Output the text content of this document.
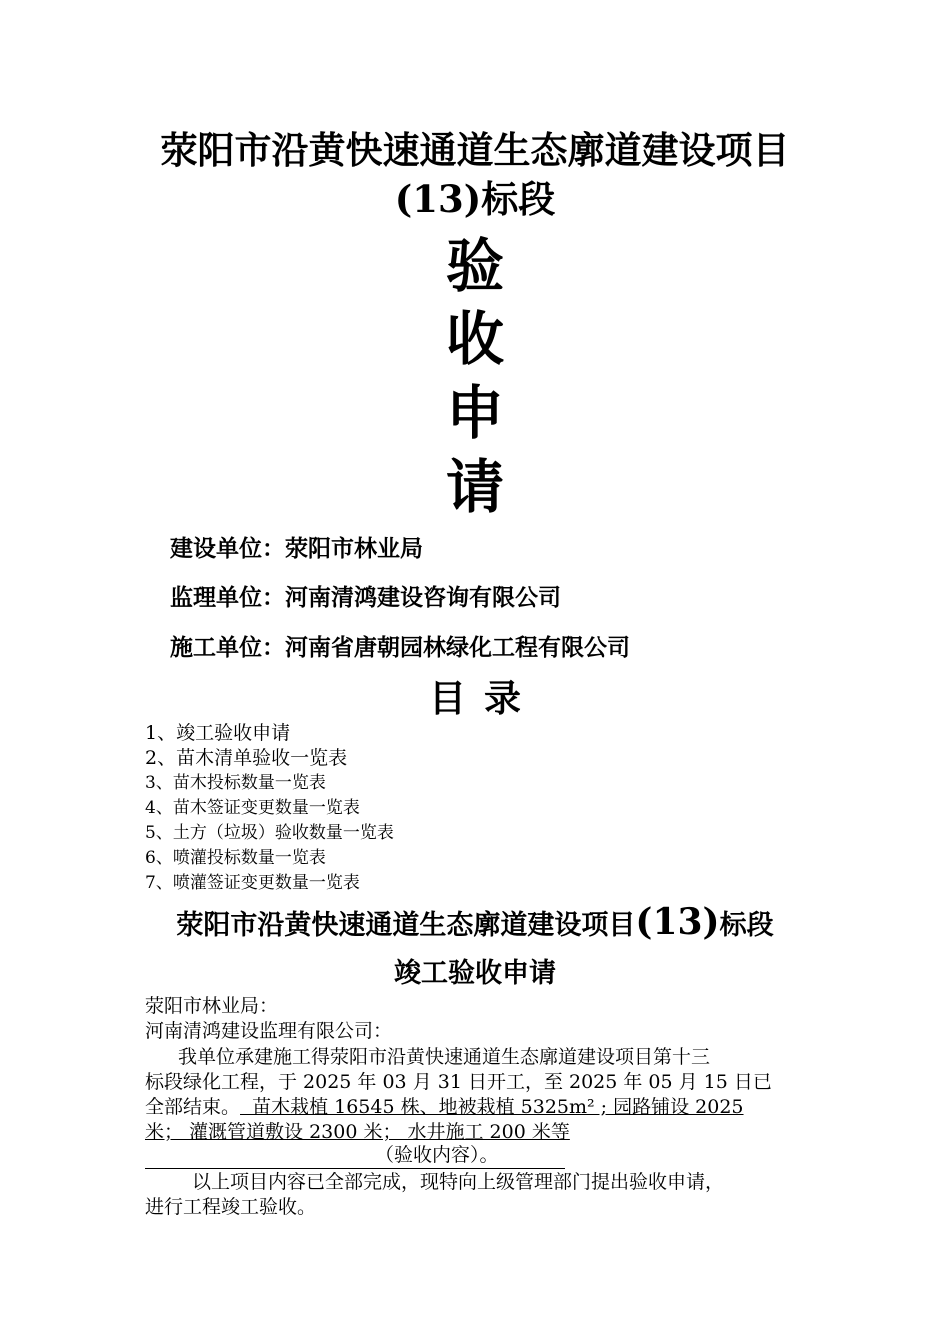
荥阳市沿黄快速通道生态廓道建设项目
(13)标段
验
收
申
请
建设单位：荥阳市林业局
监理单位：河南清鸿建设咨询有限公司
施工单位：河南省唐朝园林绿化工程有限公司
目录
1、竣工验收申请
2、苗木清单验收一览表
3、苗木投标数量一览表
4、苗木签证变更数量一览表
5、土方（垃圾）验收数量一览表
6、喷灌投标数量一览表
7、喷灌签证变更数量一览表
荥阳市沿黄快速通道生态廓道建设项目(13)标段
竣工验收申请
荥阳市林业局：
河南清鸿建设监理有限公司：
我单位承建施工得荥阳市沿黄快速通道生态廓道建设项目第十三
标段绿化工程，于 2025 年 03 月 31 日开工，至 2025 年 05 月 15 日已
全部结束。  苗木栽植 16545 株、地被栽植 5325m² ; 园路铺设 2025
米； 灌溉管道敷设 2300 米； 水井施工 200 米等
（验收内容）。
以上项目内容已全部完成，现特向上级管理部门提出验收申请，
进行工程竣工验收。
